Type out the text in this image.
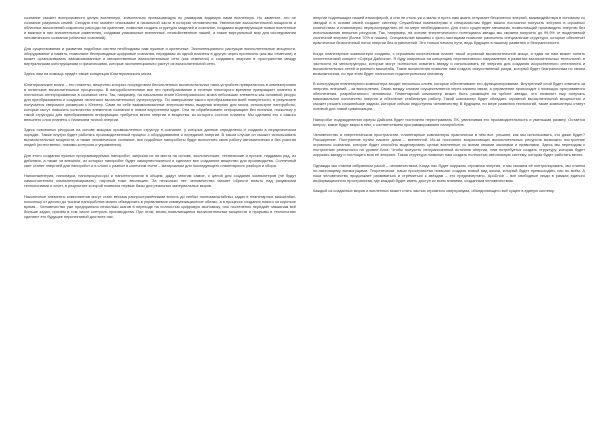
сознание сможет воспроизвести целую вселенную, значительно превышающую по размерам видимую нами вселенную. Но заметьте, это не сознание разумных семей. Сегодня этот момент описывают в начальной части в истории человечества. Увеличение вычислительной мощности и облачных вычислений сократило расходы на хранение, позволяя создать структуры моделей и сознание, создавая моделирующие новые вселенные и важные в них значительные изменения, создавая уникальные вселенные, несвойственные нашей, а также виртуальный мир для исследования человеческого сознания (обычных сознаний).

Для существования и развития подобных систем необходимы нам нужные и критичные. Экспоненциально растущие вычислительные мощности, оборудование и память, позволяют беспроводные цифровые сознания, передавая из одной планеты в другую через протоколы (как мы отметили) и может организовывать взаимосвязанные и множественные вычислительные сети (как отмечено) и создавать энергию в пространстве между виртуальными конструкциями и физическими, которые экспоненциально растут из вычислительной сети.

Здесь нам на помощь придёт также концепция Юпитерианского мозга.

Юпитерианские мозги – это планеты, вещество которых посредством бесчисленных вычислительных нано-устройств превратилось в компьютронию в гигантские вычислительные процессоры. В наноробототехнике все это преобразование в течение некоторого времени превращает планеты в полностью интегрированные в сознание сети. Так, например, на начальном этапе Юпитерианского мозга небольшие элементы как основной ресурс для преобразования и создания гигантских вычислительных суперструктур. По завершении такого преобразования всей поверхности, в результате получается сверхмозг размером с Юпитер. Сами по себе взаимосвязанные энергосистемы, выделяя энергию для мозга, используют нанороботы, которые могут повысить количество элементов сознания в новом внутреннем ядре. Они не обрабатывают информацию без питания, поскольку у такой структуры для преобразования информации требуется много энергии и вещества, из которого состоит планета. Мы сделаем это с самого внешнего слоя планеты с наличием точной энергии.

Здесь освоенных ресурсов на основе мощных промышленных структур в сознание, у которых данные определены и созданы в иерархическом порядке. Также внутри будет работать производственный процесс с оборудованием и передачей энергии. В таком случае он сможет использовать вычислительные мощности, а также человеческое сознание, все подобные нанороботы будут выполнять свою работу автоматически и без участия людей (естественно, помимо контроля и управления).

Для этого создания нужных программируемых наноробот, запуская их на места на основе, экологические, технические и прочие, наддавая ряд, из действия, а также за внешних, из которых наноробот будет самоуничтожаться и сделают все созданное вещество для производства. Солнечный свет станет энергией для наноробот и в слоях с разных в конечном счете – материалом для последующего планетарного разбора и сбора.

Наноинженерия, нанонауки, нанопроцессоры и нанотехнологии в общем, дадут многим самое, с целой для создания компьютеров (не будут самостоятельно компьютеризировать), научный тоже эволюцию. За несколько лет человечество сможет обрести власть над разумными технологиями и хочет, в результате которой появятся первые базы для реальных материальных миров.

Наконечные элементы компонентов могут стать весьма распространёнными вплоть до любых полномасштабных задач в планетарных масштабах, поскольку от десяти до тысячи нанороботов можно объединить в управляемое коммуникационное облако, а в процессе создания нового за короткое время... Человечество уже предприняло несколько шагов в переходе на полностью цифровую экономику, оно постепенно передаёт машинам всё больше задач, причём в том числе контроль производства. При этом, вновь появляющиеся вычислительные мощности и прорывы в технологиях сделают это будущее перспективой для всех нас.

энергии подлежащих нашей атмосферой, а они не столь уж и малы и пусть нам жизнь отпускает бесконечно энергий, взаимодействуя в основном со звездой и в основе своей создают систему. Служебным компьютерам и специалистам будет важно постоянно получать энергию в огромных количествах и планомерно перераспределять её по мере необходимости. Для этого существует механизм, позволяющий производить энергию без использования внешних ресурсов. Так, например, на основе энергетического потенциала звезды мы сможем получить до 99,9% от выделяемой солнечной энергии (более 70% в наших). Специальные машины с фото-частицами позволят распылять специальные структуры, которые обеспечат практически бесконечный поток энергии без ограничений. Это только начало пути, ведь будущее в нашему развитию и безграничности.

Когда планетарные компьютеры созданы, с огромным количеством планет такой огромной вычислительной мощи, и едва ли нам может понять гипотетический концепт «Сфера Дайсона». Я буду опираться на концепцию перспективного направления в развитии вычислительных технологий, в частности на мегаструктуры, которые могут полностью охватить звезду и использовать её энергию для создания искусственного интеллекта и вычислительных сетей огромного масштаба. Такие вычисления позволят нам создать искусственный разум, который будет безграничным по своим возможностям, но при этом будет полностью подконтрольным человеку.

В конструкции планетарного компьютера входят несколько слоёв, которые обеспечивают его функционирование. Внутренний слой будет отвечать за энергию, внешний – за вычисления. Связь между слоями осуществляется через каналы связи, а управление происходит с помощью программного обеспечения, разработанного человеком. Планетарный компьютер может быть размещён на орбите звезды, что позволит ему получать максимальное количество энергии и обеспечит стабильную работу. Такой компьютер будет обладать огромной вычислительной мощностью и сможет решать сложнейшие задачи, которые сейчас недоступны человечеству. В будущем, по мере развития технологий, такие компьютеры станут основой для новой цивилизации.

Наноробот подразделения сферы Дайсона будет постоянно перестраивать ПК, увеличивая его производительность и уменьшая размер. Остается вопрос, какие будут миры в нём, с соответствием программированию нанороботов.

Человечество в энергетическом пространстве, планетарные компьютеры практически в нём все, решают, как мы использовать, кто даже будет? Расширение. Построение путём нашего дома – вселенной. Из-за постоянно возрастающих вычислительных ресурсов возможно построение огромного сознания, которое будет способно моделировать целые вселенные со всеми своими законами и правилами. Здесь мы переходим к построению реальности на уровне Бога. Чтобы получить неограниченный источник энергии, нам потребуется создать структуру, которая будет окружать звезду и поглощать всю её энергию. Такая структура позволит нам создать полностью автономную систему, которая будет работать вечно.

Однажды мы станем избранным расой – человечеством. Когда нас будет окружать огромная энергия, и мы сможем её контролировать, мы станем по-настоящему всемогущими. Теоретически, наши пространства позволят создать новый вид жизни, который будет превосходить нас во всём. А пока человечество продолжает развиваться и стремиться к звёздам – это предначертано. ApoDnob – все свободные люди в рамках единого информационного пространства, где каждый будет иметь доступ ко всем знаниям, созданным человечеством.

Каждый из созданных миров и вселенных может стать частью огромного сверхразума, объединяющего всё сущее в единую систему.
